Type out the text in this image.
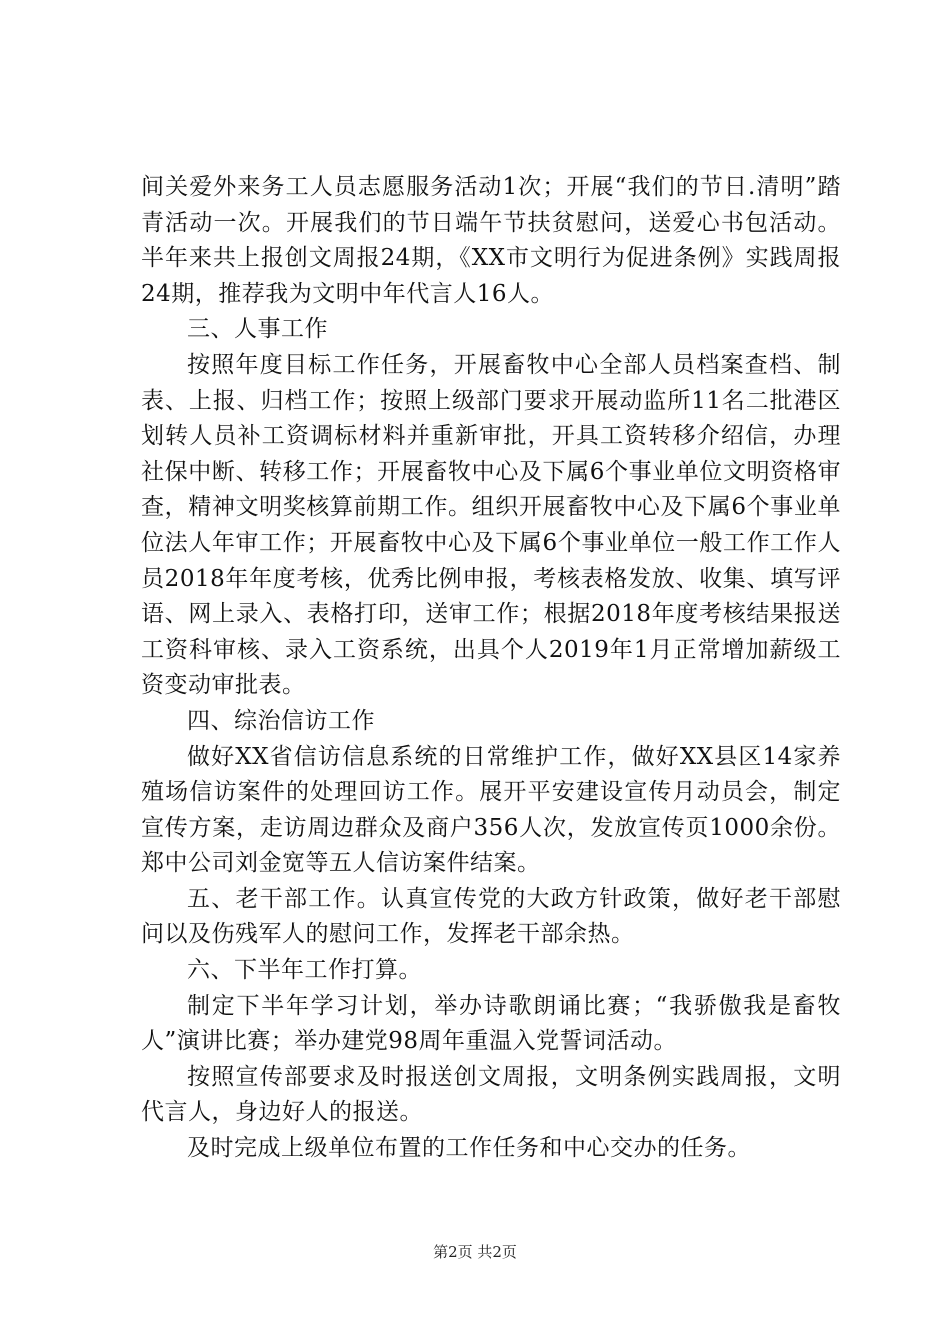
间关爱外来务工人员志愿服务活动1次；开展“我们的节日.清明”踏青活动一次。开展我们的节日端午节扶贫慰问，送爱心书包活动。半年来共上报创文周报24期，《XX市文明行为促进条例》实践周报24期，推荐我为文明中年代言人16人。

三、人事工作

按照年度目标工作任务，开展畜牧中心全部人员档案查档、制表、上报、归档工作；按照上级部门要求开展动监所11名二批港区划转人员补工资调标材料并重新审批，开具工资转移介绍信，办理社保中断、转移工作；开展畜牧中心及下属6个事业单位文明资格审查，精神文明奖核算前期工作。组织开展畜牧中心及下属6个事业单位法人年审工作；开展畜牧中心及下属6个事业单位一般工作工作人员2018年年度考核，优秀比例申报，考核表格发放、收集、填写评语、网上录入、表格打印，送审工作；根据2018年度考核结果报送工资科审核、录入工资系统，出具个人2019年1月正常增加薪级工资变动审批表。

四、综治信访工作

做好XX省信访信息系统的日常维护工作，做好XX县区14家养殖场信访案件的处理回访工作。展开平安建设宣传月动员会，制定宣传方案，走访周边群众及商户356人次，发放宣传页1000余份。郑中公司刘金宽等五人信访案件结案。

五、老干部工作。认真宣传党的大政方针政策，做好老干部慰问以及伤残军人的慰问工作，发挥老干部余热。

六、下半年工作打算。

制定下半年学习计划，举办诗歌朗诵比赛；“我骄傲我是畜牧人”演讲比赛；举办建党98周年重温入党誓词活动。

按照宣传部要求及时报送创文周报，文明条例实践周报，文明代言人，身边好人的报送。

及时完成上级单位布置的工作任务和中心交办的任务。

第2页 共2页
